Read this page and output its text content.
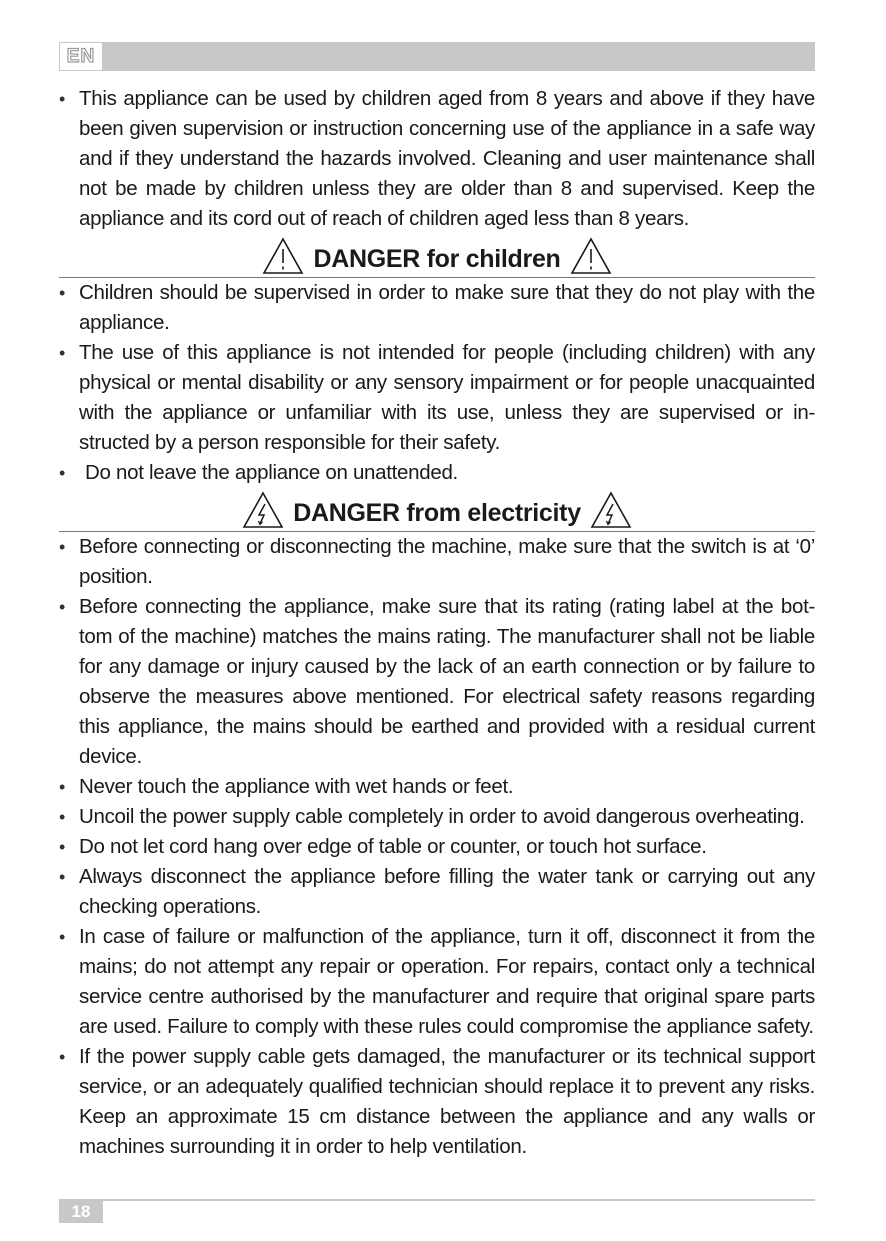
EN
• This appliance can be used by children aged from 8 years and above if they have been given supervision or instruction concerning use of the appliance in a safe way and if they understand the hazards involved. Cleaning and user maintenance shall not be made by children unless they are older than 8 and supervised. Keep the appliance and its cord out of reach of children aged less than 8 years.
DANGER for children
• Children should be supervised in order to make sure that they do not play with the appliance.
• The use of this appliance is not intended for people (including children) with any physical or mental disability or any sensory impairment or for people unacquainted with the appliance or unfamiliar with its use, unless they are supervised or in-structed by a person responsible for their safety.
• Do not leave the appliance on unattended.
DANGER from electricity
• Before connecting or disconnecting the machine, make sure that the switch is at ‘0’ position.
• Before connecting the appliance, make sure that its rating (rating label at the bot-tom of the machine) matches the mains rating. The manufacturer shall not be liable for any damage or injury caused by the lack of an earth connection or by failure to observe the measures above mentioned. For electrical safety reasons regarding this appliance, the mains should be earthed and provided with a residual current device.
• Never touch the appliance with wet hands or feet.
• Uncoil the power supply cable completely in order to avoid dangerous overheating.
• Do not let cord hang over edge of table or counter, or touch hot surface.
• Always disconnect the appliance before filling the water tank or carrying out any checking operations.
• In case of failure or malfunction of the appliance, turn it off, disconnect it from the mains; do not attempt any repair or operation. For repairs, contact only a technical service centre authorised by the manufacturer and require that original spare parts are used. Failure to comply with these rules could compromise the appliance safety.
• If the power supply cable gets damaged, the manufacturer or its technical support service, or an adequately qualified technician should replace it to prevent any risks. Keep an approximate 15 cm distance between the appliance and any walls or machines surrounding it in order to help ventilation.
18
